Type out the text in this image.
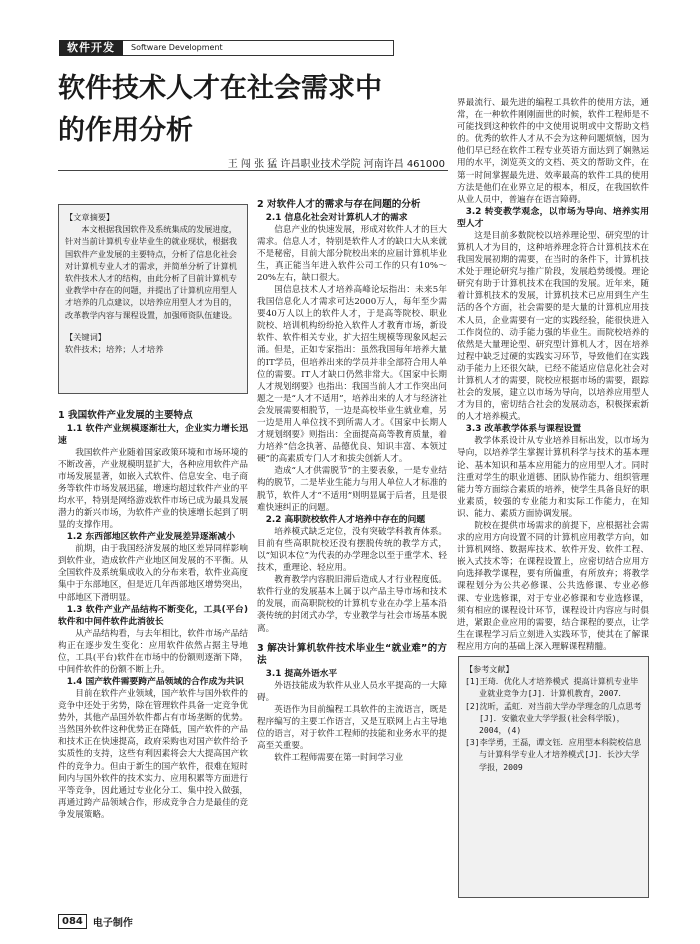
软件开发	Software Development
软件技术人才在社会需求中
的作用分析
王 闯 张 猛 许昌职业技术学院 河南许昌 461000

【文章摘要】

本文根据我国软件及系统集成的发展进度，针对当前计算机专业毕业生的就业现状，根据我国软件产业发展的主要特点，分析了信息化社会对计算机专业人才的需求，并简单分析了计算机软件技术人才的结构，由此分析了目前计算机专业教学中存在的问题，并提出了计算机应用型人才培养的几点建议，以培养应用型人才为目的，改革教学内容与课程设置，加强师资队伍建设。

【关键词】

软件技术；培养；人才培养

1 我国软件产业发展的主要特点

1.1 软件产业规模逐渐壮大，企业实力增长迅速

我国软件产业随着国家政策环境和市场环境的不断改善，产业规模明显扩大，各种应用软件产品市场发展显著，如嵌入式软件、信息安全、电子商务等软件市场发展迅猛，增速均超过软件产业的平均水平，特别是网络游戏软件市场已成为最具发展潜力的新兴市场，为软件产业的快速增长起到了明显的支撑作用。

1.2 东西部地区软件产业发展差异逐渐减小

前期，由于我国经济发展的地区差异同样影响到软件业，造成软件产业地区间发展的不平衡。从全国软件及系统集成收入的分布来看，软件业高度集中于东部地区，但是近几年西部地区增势突出，中部地区下滑明显。

1.3 软件产业产品结构不断变化，工具(平台)软件和中间件软件此消彼长

从产品结构看，与去年相比，软件市场产品结构正在逐步发生变化：应用软件依然占据主导地位，工具(平台)软件在市场中的份额则逐渐下降，中间件软件的份额不断上升。

1.4 国产软件需要跨产品领域的合作成为共识

目前在软件产业领域，国产软件与国外软件的竞争中还处于劣势，除在管理软件具备一定竞争优势外，其他产品国外软件都占有市场垄断的优势。当然国外软件这种优势正在降低，国产软件的产品和技术正在快速提高，政府采购也对国产软件给予实质性的支持，这些有利因素将会大大提高国产软件的竞争力。但由于新生的国产软件，很难在短时间内与国外软件的技术实力、应用积累等方面进行平等竞争，因此通过专业化分工、集中投入做强，再通过跨产品领域合作，形成竞争合力是最佳的竞争发展策略。

2 对软件人才的需求与存在问题的分析

2.1 信息化社会对计算机人才的需求

信息产业的快速发展，形成对软件人才的巨大需求。信息人才，特别是软件人才的缺口大从来就不是秘密，目前大部分院校出来的应届计算机毕业生，真正能当年进入软件公司工作的只有10%～20%左右，缺口很大。

国信息技术人才培养高峰论坛指出：未来5年我国信息化人才需求可达2000万人，每年至少需要40万人以上的软件人才，于是高等院校、职业院校、培训机构纷纷抢入软件人才教育市场，新设软件、软件相关专业，扩大招生规模等现象风起云涌。但是，正如专家指出：虽然我国每年培养大量的IT学员，但培养出来的学员并非全部符合用人单位的需要。IT人才缺口仍然非常大。《国家中长期人才规划纲要》也指出：我国当前人才工作突出问题之一是“人才不适用”，培养出来的人才与经济社会发展需要相脱节，一边是高校毕业生就业难，另一边是用人单位找不到所需人才。《国家中长期人才规划纲要》则指出：全面提高高等教育质量，着力培养“信念执著、品德优良、知识丰富、本领过硬”的高素质专门人才和拔尖创新人才。

造成“人才供需脱节”的主要表象，一是专业结构的脱节，二是毕业生能力与用人单位人才标准的脱节，软件人才“不适用”则明显属于后者，且是很难快速纠正的问题。

2.2 高职院校软件人才培养中存在的问题

培养模式缺乏定位，没有突破学科教育体系。目前有些高职院校还没有摆脱传统的教学方式，以“知识本位”为代表的办学理念以至于重学术、轻技术，重理论、轻应用。

教育教学内容脱旧滞后造成人才行业程度低。软件行业的发展基本上属于以产品主导市场和技术的发展，而高职院校的计算机专业在办学上基本沿袭传统的封闭式办学，专业教学与社会市场基本脱离。

3 解决计算机软件技术毕业生“就业难”的方法

3.1 提高外语水平

外语技能成为软件从业人员水平提高的一大障碍。

英语作为目前编程工具软件的主流语言，既是程序编写的主要工作语言，又是互联网上占主导地位的语言，对于软件工程师的技能和业务水平的提高至关重要。

软件工程师需要在第一时间学习业

界最流行、最先进的编程工具软件的使用方法，通常，在一种软件刚刚面世的时候，软件工程师是不可能找到这种软件的中文使用说明或中文帮助文档的。优秀的软件人才从不会为这种问题烦恼，因为他们早已经在软件工程专业英语方面达到了娴熟运用的水平，浏览英文的文档、英文的帮助文件，在第一时间掌握最先进、效率最高的软件工具的使用方法是他们在业界立足的根本，相反，在我国软件从业人员中，普遍存在语言障碍。

3.2 转变教学观念，以市场为导向、培养实用型人才

这是目前多数院校以培养理论型、研究型的计算机人才为目的，这种培养理念符合计算机技术在我国发展初期的需要，在当时的条件下，计算机技术处于理论研究与推广阶段，发展趋势缓慢。理论研究有助于计算机技术在我国的发展。近年来，随着计算机技术的发展，计算机技术已应用到生产生活的各个方面，社会需要的是大量的计算机应用技术人员，企业需要有一定的实践经验，能很快进入工作岗位的、动手能力强的毕业生。而院校培养的依然是大量理论型、研究型计算机人才，因在培养过程中缺乏过硬的实践实习环节，导致他们在实践动手能力上还很欠缺，已经不能适应信息化社会对计算机人才的需要，院校应根据市场的需要，跟踪社会的发展，建立以市场为导向，以培养应用型人才为目的，密切结合社会的发展动态，积极探索新的人才培养模式。

3.3 改革教学体系与课程设置

教学体系设计从专业培养目标出发，以市场为导向，以培养学生掌握计算机科学与技术的基本理论、基本知识和基本应用能力的应用型人才。同时注重对学生的职业道德、团队协作能力、组织管理能力等方面综合素质的培养，使学生具备良好的职业素质，较强的专业能力和实际工作能力，在知识、能力、素质方面协调发展。

院校在提供市场需求的前提下，应根据社会需求的应用方向设置不同的计算机应用教学方向，如计算机网络、数据库技术、软件开发、软件工程、嵌入式技术等；在课程设置上，应密切结合应用方向选择教学课程，要有所偏重，有所放弃；将教学课程划分为公共必修课、公共选修课、专业必修课、专业选修课，对于专业必修课和专业选修课，须有相应的课程设计环节，课程设计内容应与时俱进，紧跟企业应用的需要，结合课程的要点，让学生在课程学习后立刻进入实践环节，使其在了解课程应用方向的基础上深入理解课程精髓。

【参考文献】

[1]王琦．优化人才培养模式 提高计算机专业毕业就业竞争力[J]．计算机教育，2007．

[2]沈昕，孟虹．对当前大学办学理念的几点思考[J]．安徽农业大学学报(社会科学版)，2004，(4)

[3]李学勇，王磊，谭文钰．应用型本科院校信息与计算科学专业人才培养模式[J]．长沙大学学报，2009

084	电子制作
